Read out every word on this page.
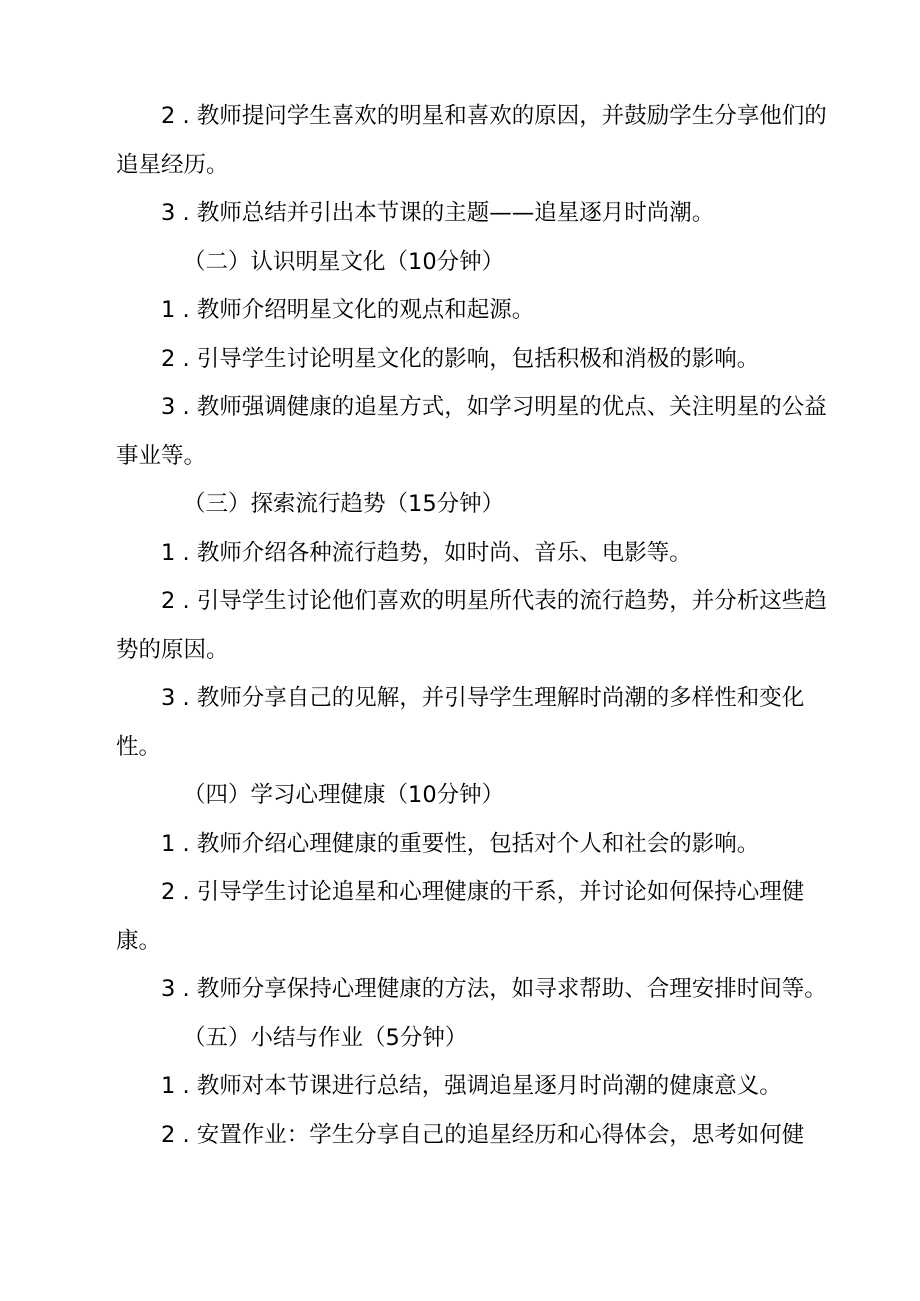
2 . 教师提问学生喜欢的明星和喜欢的原因，并鼓励学生分享他们的追星经历。

3 . 教师总结并引出本节课的主题——追星逐月时尚潮。

（二）认识明星文化（10分钟）

1 . 教师介绍明星文化的观点和起源。

2 . 引导学生讨论明星文化的影响，包括积极和消极的影响。

3 . 教师强调健康的追星方式，如学习明星的优点、关注明星的公益事业等。

（三）探索流行趋势（15分钟）

1 . 教师介绍各种流行趋势，如时尚、音乐、电影等。

2 . 引导学生讨论他们喜欢的明星所代表的流行趋势，并分析这些趋势的原因。

3 . 教师分享自己的见解，并引导学生理解时尚潮的多样性和变化性。

（四）学习心理健康（10分钟）

1 . 教师介绍心理健康的重要性，包括对个人和社会的影响。

2 . 引导学生讨论追星和心理健康的干系，并讨论如何保持心理健康。

3 . 教师分享保持心理健康的方法，如寻求帮助、合理安排时间等。

（五）小结与作业（5分钟）

1 . 教师对本节课进行总结，强调追星逐月时尚潮的健康意义。

2 . 安置作业：学生分享自己的追星经历和心得体会，思考如何健
